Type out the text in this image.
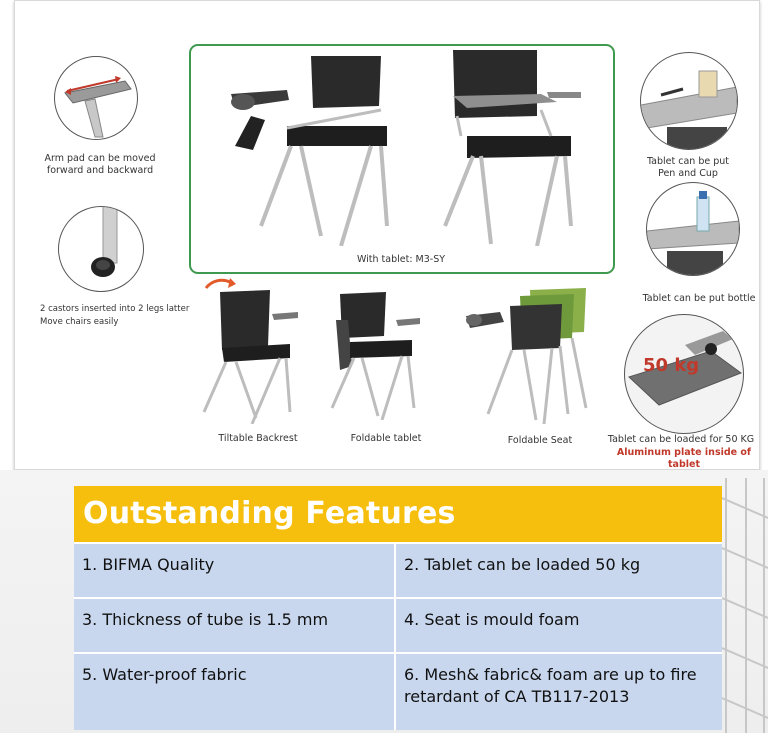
Arm pad can be moved
forward and backward
2 castors inserted into 2 legs latter
Move chairs easily
With tablet: M3-SY
Tablet can be put
Pen and Cup
Tablet can be put bottle
50 kg
Tablet can be loaded for 50 KG
Aluminum plate inside of tablet
Tiltable Backrest	Foldable tablet	Foldable Seat
Outstanding Features
1. BIFMA Quality	2. Tablet can be loaded 50 kg
3. Thickness of tube is 1.5 mm	4. Seat is mould foam
5. Water-proof fabric	6. Mesh& fabric& foam are up to fire retardant of CA TB117-2013
